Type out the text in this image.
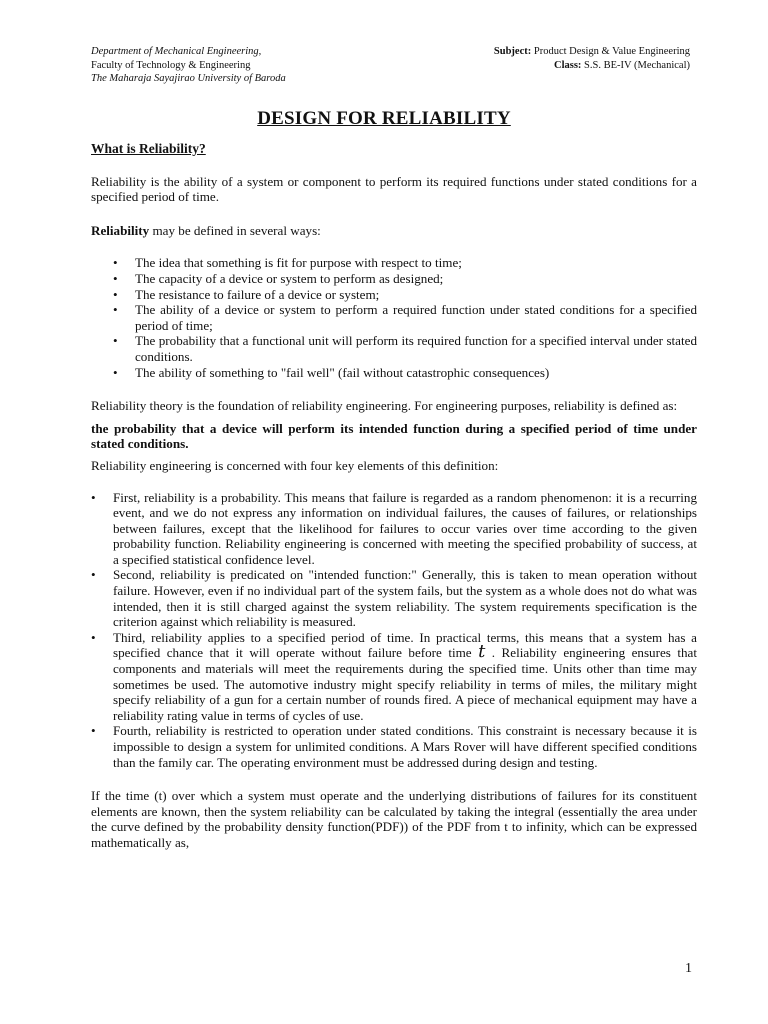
Department of Mechanical Engineering,
Faculty of Technology & Engineering
The Maharaja Sayajirao University of Baroda
Subject: Product Design & Value Engineering
Class: S.S. BE-IV (Mechanical)
DESIGN FOR RELIABILITY

What is Reliability?

Reliability is the ability of a system or component to perform its required functions under stated conditions for a specified period of time.

Reliability may be defined in several ways:

• The idea that something is fit for purpose with respect to time;
• The capacity of a device or system to perform as designed;
• The resistance to failure of a device or system;
• The ability of a device or system to perform a required function under stated conditions for a specified period of time;
• The probability that a functional unit will perform its required function for a specified interval under stated conditions.
• The ability of something to "fail well" (fail without catastrophic consequences)

Reliability theory is the foundation of reliability engineering. For engineering purposes, reliability is defined as:

the probability that a device will perform its intended function during a specified period of time under stated conditions.

Reliability engineering is concerned with four key elements of this definition:

• First, reliability is a probability. This means that failure is regarded as a random phenomenon: it is a recurring event, and we do not express any information on individual failures, the causes of failures, or relationships between failures, except that the likelihood for failures to occur varies over time according to the given probability function. Reliability engineering is concerned with meeting the specified probability of success, at a specified statistical confidence level.
• Second, reliability is predicated on "intended function:" Generally, this is taken to mean operation without failure. However, even if no individual part of the system fails, but the system as a whole does not do what was intended, then it is still charged against the system reliability. The system requirements specification is the criterion against which reliability is measured.
• Third, reliability applies to a specified period of time. In practical terms, this means that a system has a specified chance that it will operate without failure before time t . Reliability engineering ensures that components and materials will meet the requirements during the specified time. Units other than time may sometimes be used. The automotive industry might specify reliability in terms of miles, the military might specify reliability of a gun for a certain number of rounds fired. A piece of mechanical equipment may have a reliability rating value in terms of cycles of use.
• Fourth, reliability is restricted to operation under stated conditions. This constraint is necessary because it is impossible to design a system for unlimited conditions. A Mars Rover will have different specified conditions than the family car. The operating environment must be addressed during design and testing.

If the time (t) over which a system must operate and the underlying distributions of failures for its constituent elements are known, then the system reliability can be calculated by taking the integral (essentially the area under the curve defined by the probability density function(PDF)) of the PDF from t to infinity, which can be expressed mathematically as,

1
